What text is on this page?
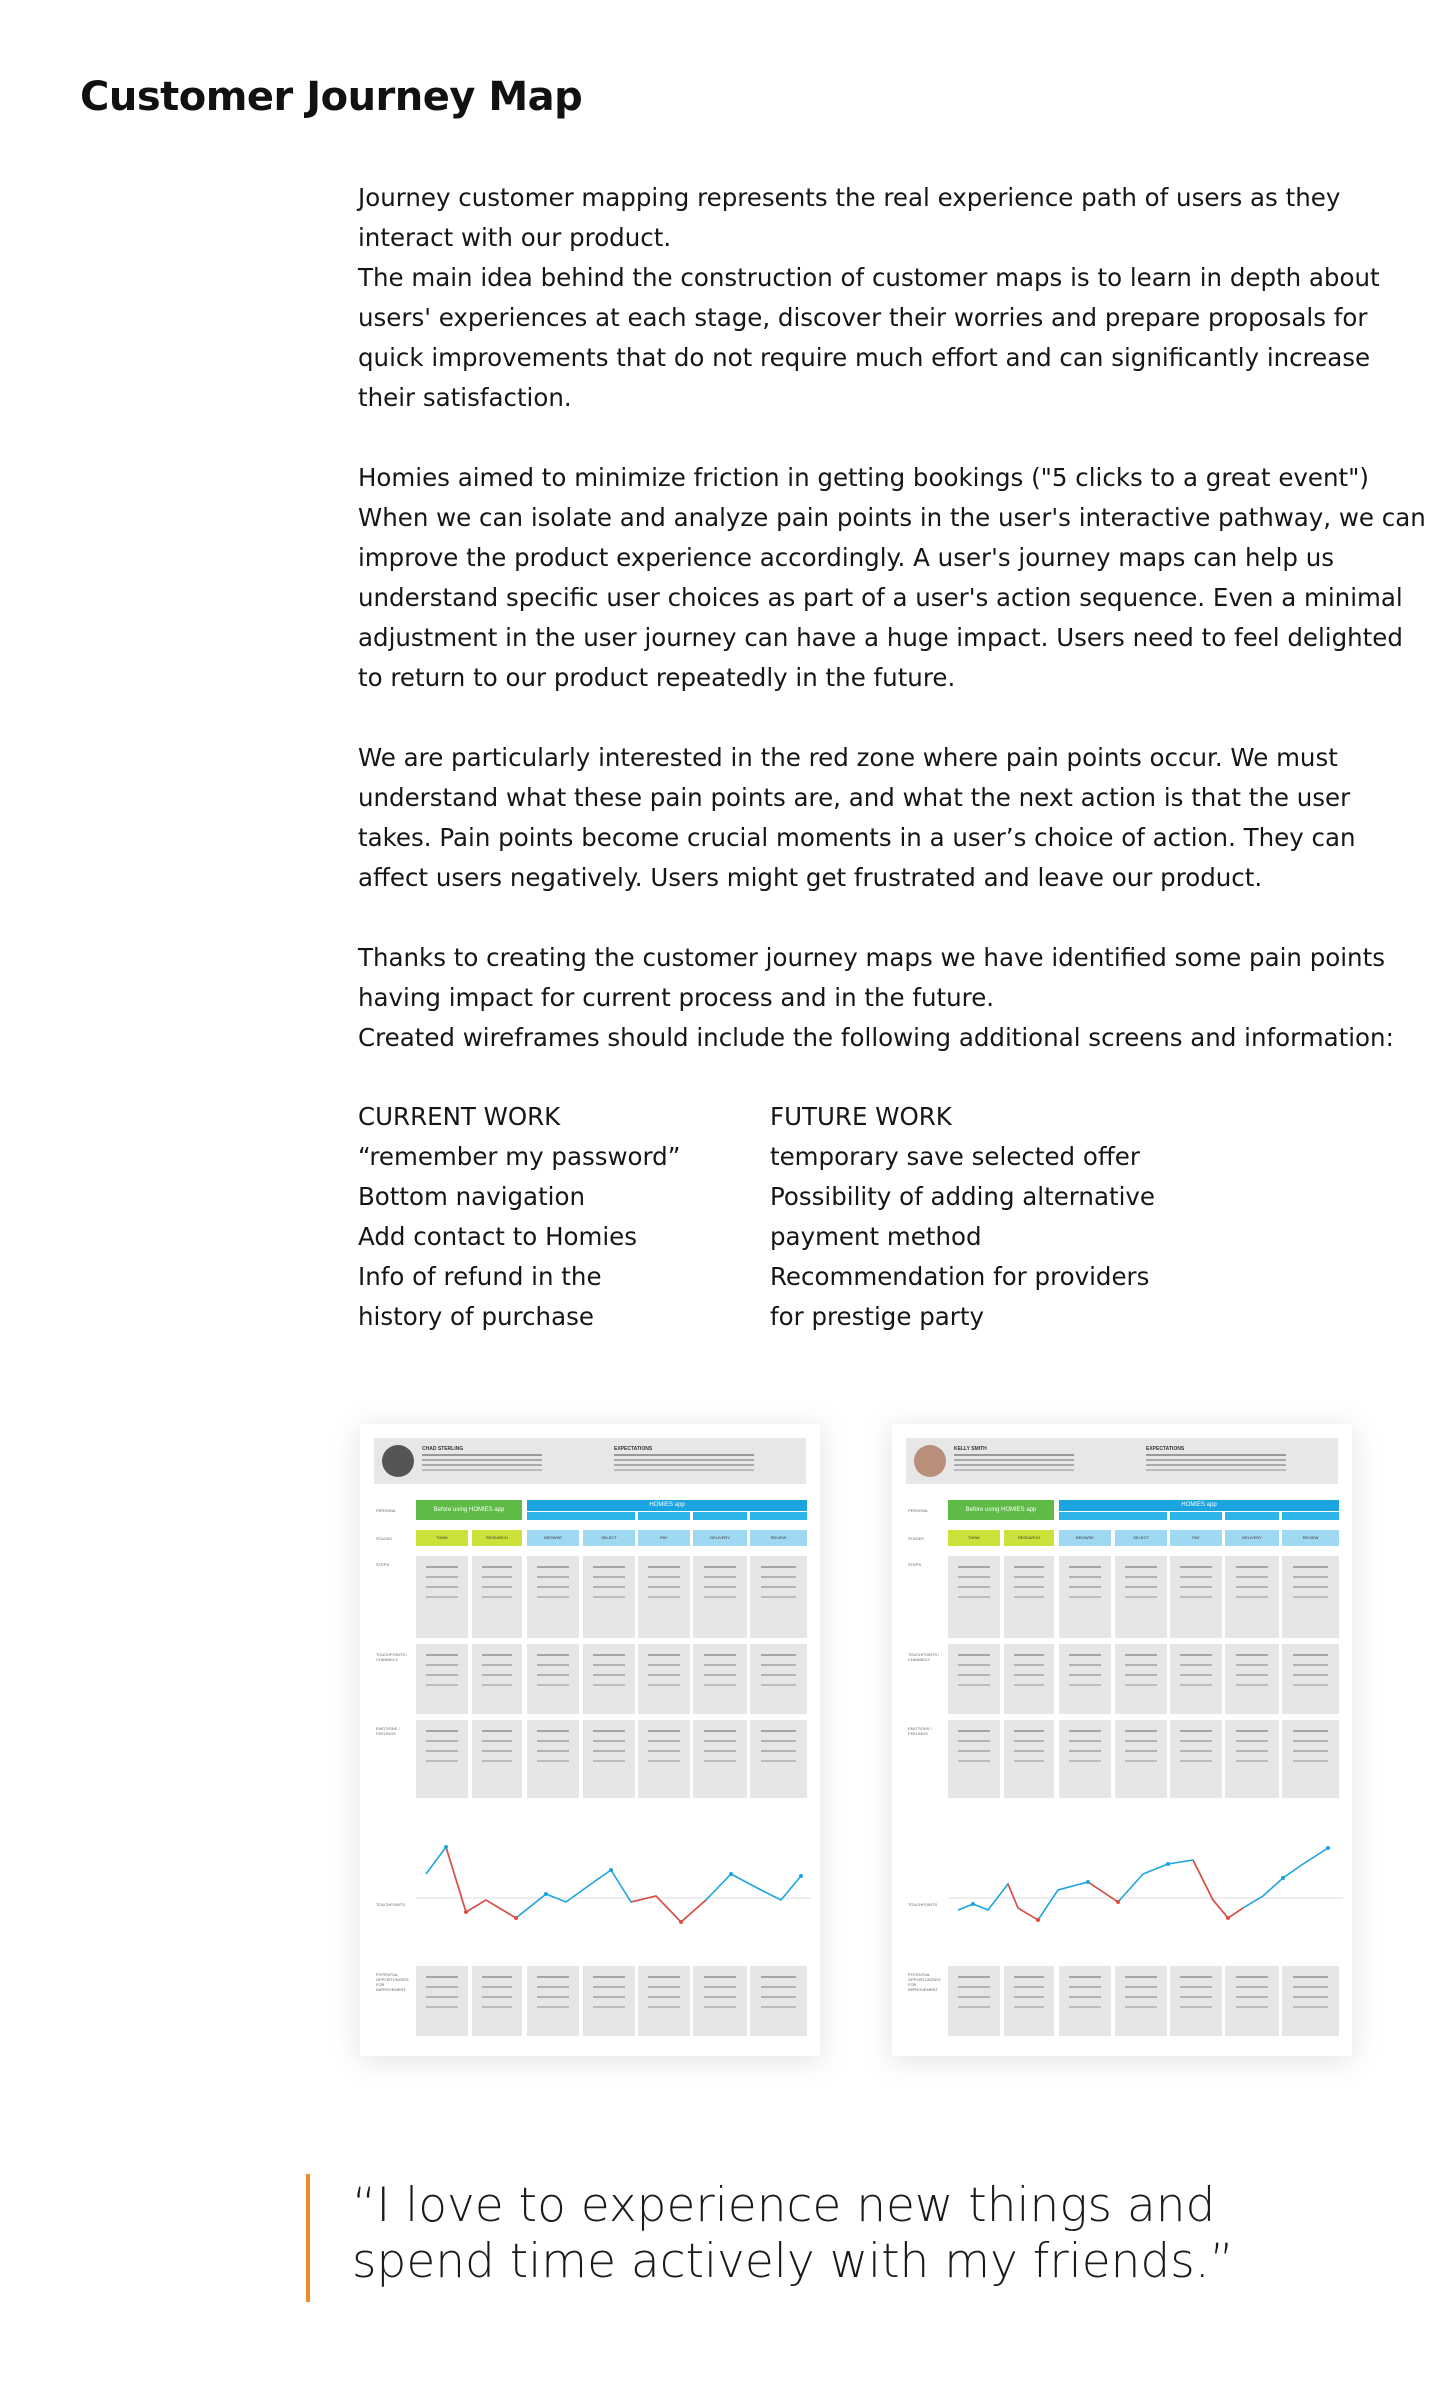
Customer Journey Map

Journey customer mapping represents the real experience path of users as they
interact with our product.
The main idea behind the construction of customer maps is to learn in depth about
users' experiences at each stage, discover their worries and prepare proposals for
quick improvements that do not require much effort and can significantly increase
their satisfaction.

Homies aimed to minimize friction in getting bookings ("5 clicks to a great event")
When we can isolate and analyze pain points in the user's interactive pathway, we can
improve the product experience accordingly. A user's journey maps can help us
understand specific user choices as part of a user's action sequence. Even a minimal
adjustment in the user journey can have a huge impact. Users need to feel delighted
to return to our product repeatedly in the future.

We are particularly interested in the red zone where pain points occur. We must
understand what these pain points are, and what the next action is that the user
takes. Pain points become crucial moments in a user’s choice of action. They can
affect users negatively. Users might get frustrated and leave our product.

Thanks to creating the customer journey maps we have identified some pain points
having impact for current process and in the future.
Created wireframes should include the following additional screens and information:

CURRENT WORK
“remember my password”
Bottom navigation
Add contact to Homies
Info of refund in the
history of purchase
FUTURE WORK
temporary save selected offer
Possibility of adding alternative
payment method
Recommendation for providers
for prestige party
CHAD STERLING	EXPECTATIONS
PERSONA
STAGES
STEPS
TOUCHPOINTS / CHANNELS
EMOTIONS / FEELINGS
TOUCHPOINTS
POTENTIAL OPPORTUNITIES FOR IMPROVEMENT
Before using HOMIES app
HOMIES app
THINK	RESEARCH	BROWSE	SELECT	PAY	DELIVERY	REVIEW
KELLY SMITH	EXPECTATIONS
PERSONA
STAGES
STEPS
TOUCHPOINTS / CHANNELS
EMOTIONS / FEELINGS
TOUCHPOINTS
POTENTIAL OPPORTUNITIES FOR IMPROVEMENT
Before using HOMIES app
HOMIES app
THINK	RESEARCH	BROWSE	SELECT	PAY	DELIVERY	REVIEW
“I love to experience new things and
spend time actively with my friends.”
